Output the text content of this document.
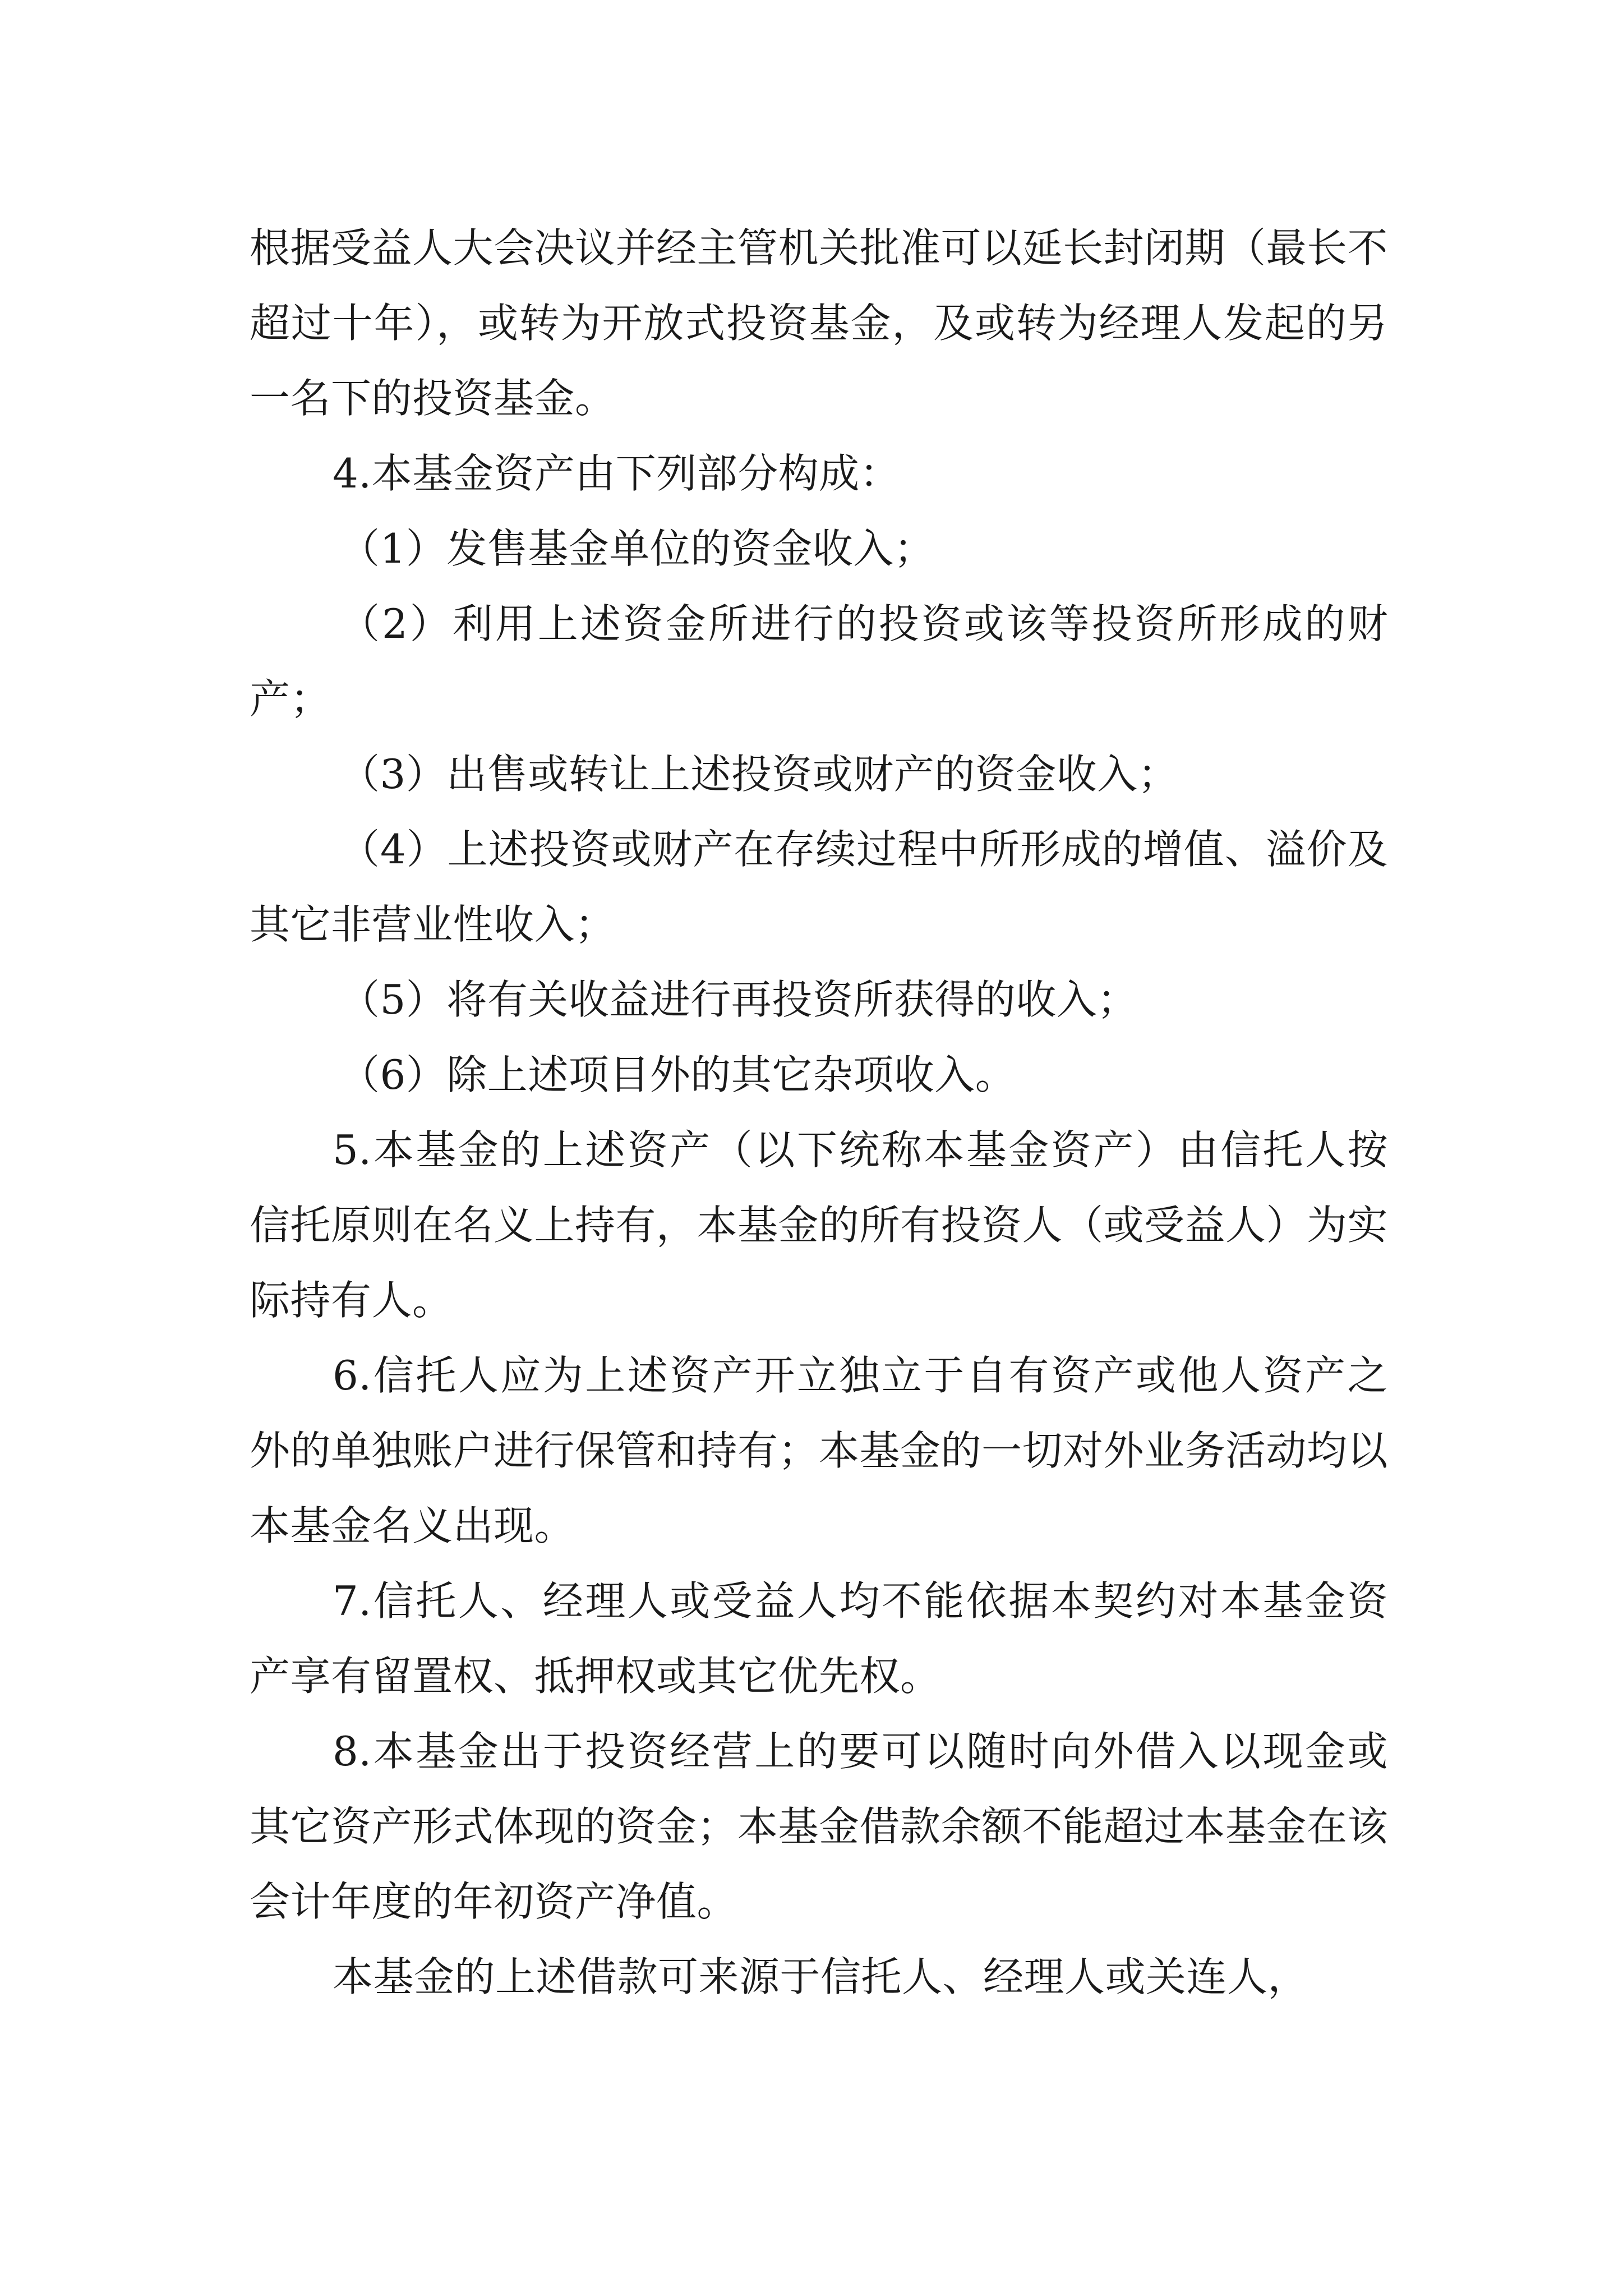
根据受益人大会决议并经主管机关批准可以延长封闭期（最长不超过十年），或转为开放式投资基金，及或转为经理人发起的另一名下的投资基金。

4.本基金资产由下列部分构成：

（1）发售基金单位的资金收入；

（2）利用上述资金所进行的投资或该等投资所形成的财产；

（3）出售或转让上述投资或财产的资金收入；

（4）上述投资或财产在存续过程中所形成的增值、溢价及其它非营业性收入；

（5）将有关收益进行再投资所获得的收入；

（6）除上述项目外的其它杂项收入。

5.本基金的上述资产（以下统称本基金资产）由信托人按信托原则在名义上持有，本基金的所有投资人（或受益人）为实际持有人。

6.信托人应为上述资产开立独立于自有资产或他人资产之外的单独账户进行保管和持有；本基金的一切对外业务活动均以本基金名义出现。

7.信托人、经理人或受益人均不能依据本契约对本基金资产享有留置权、抵押权或其它优先权。

8.本基金出于投资经营上的要可以随时向外借入以现金或其它资产形式体现的资金；本基金借款余额不能超过本基金在该会计年度的年初资产净值。

本基金的上述借款可来源于信托人、经理人或关连人，
